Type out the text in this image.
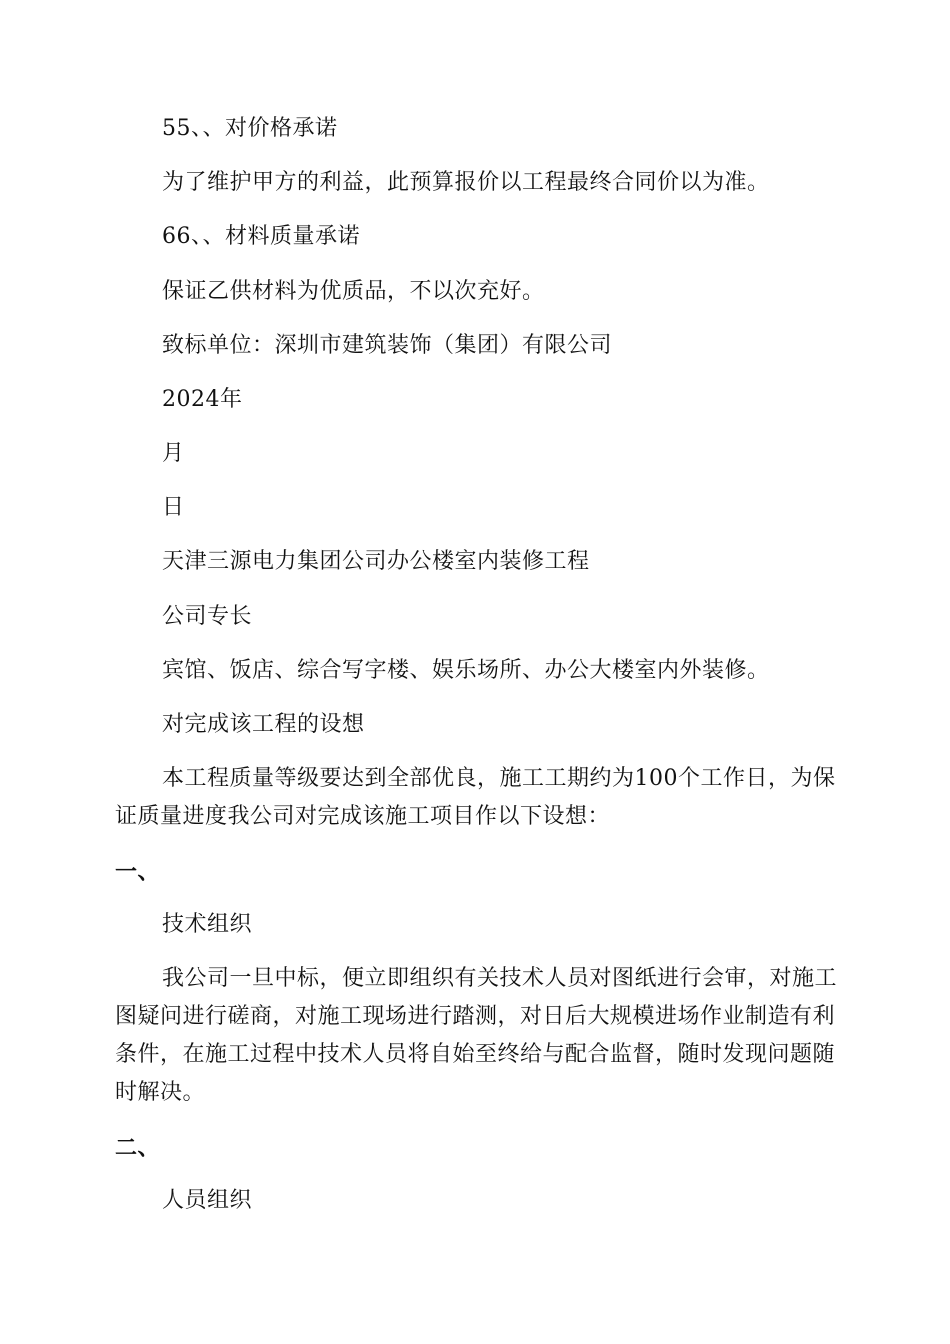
55、、对价格承诺
为了维护甲方的利益，此预算报价以工程最终合同价以为准。
66、、材料质量承诺
保证乙供材料为优质品，不以次充好。
致标单位：深圳市建筑装饰（集团）有限公司
2024年
月
日
天津三源电力集团公司办公楼室内装修工程
公司专长
宾馆、饭店、综合写字楼、娱乐场所、办公大楼室内外装修。
对完成该工程的设想
本工程质量等级要达到全部优良，施工工期约为100个工作日，为保
证质量进度我公司对完成该施工项目作以下设想：
一、
技术组织
我公司一旦中标，便立即组织有关技术人员对图纸进行会审，对施工
图疑问进行磋商，对施工现场进行踏测，对日后大规模进场作业制造有利
条件，在施工过程中技术人员将自始至终给与配合监督，随时发现问题随
时解决。
二、
人员组织
